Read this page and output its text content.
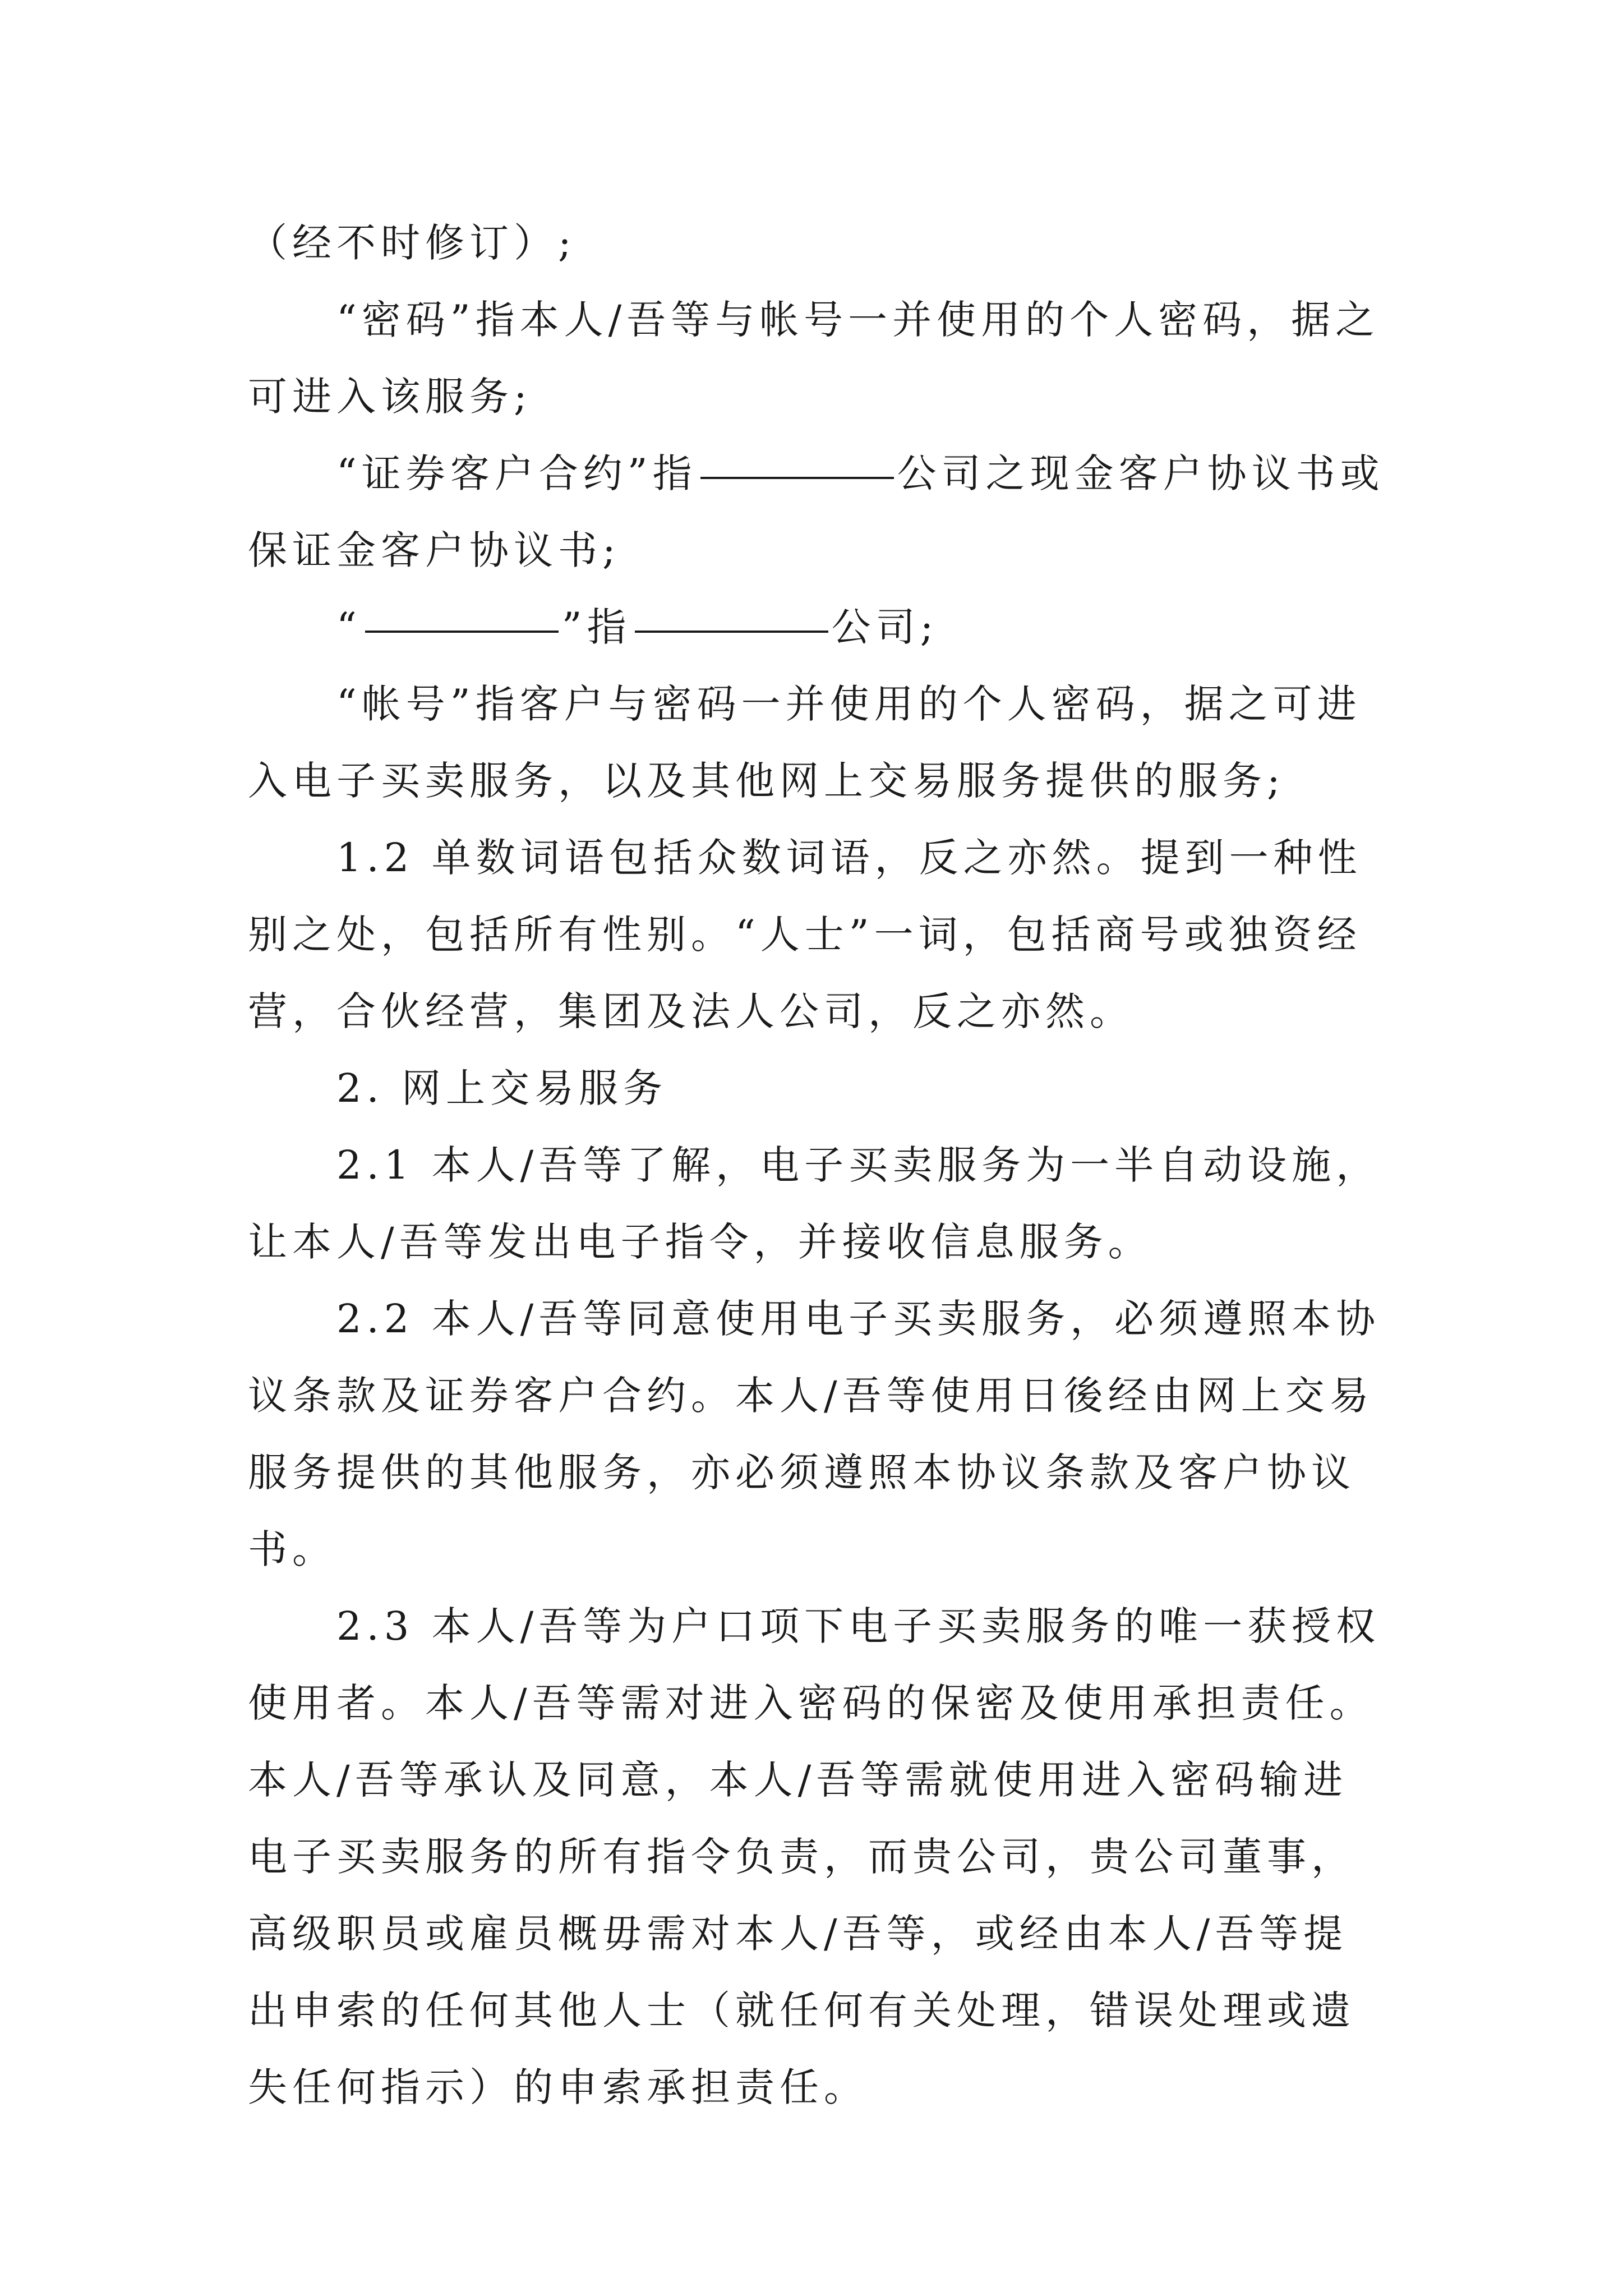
（经不时修订）;

“密码”指本人/吾等与帐号一并使用的个人密码，据之可进入该服务;

“证券客户合约”指	公司之现金客户协议书或保证金客户协议书;

“	”指	公司;

“帐号”指客户与密码一并使用的个人密码，据之可进入电子买卖服务，以及其他网上交易服务提供的服务;

1.2 单数词语包括众数词语，反之亦然。提到一种性别之处，包括所有性别。“人士”一词，包括商号或独资经营，合伙经营，集团及法人公司，反之亦然。

2. 网上交易服务

2.1 本人/吾等了解，电子买卖服务为一半自动设施，让本人/吾等发出电子指令，并接收信息服务。

2.2 本人/吾等同意使用电子买卖服务，必须遵照本协议条款及证券客户合约。本人/吾等使用日後经由网上交易服务提供的其他服务，亦必须遵照本协议条款及客户协议书。

2.3 本人/吾等为户口项下电子买卖服务的唯一获授权使用者。本人/吾等需对进入密码的保密及使用承担责任。本人/吾等承认及同意，本人/吾等需就使用进入密码输进电子买卖服务的所有指令负责，而贵公司，贵公司董事，高级职员或雇员概毋需对本人/吾等，或经由本人/吾等提出申索的任何其他人士（就任何有关处理，错误处理或遗失任何指示）的申索承担责任。
